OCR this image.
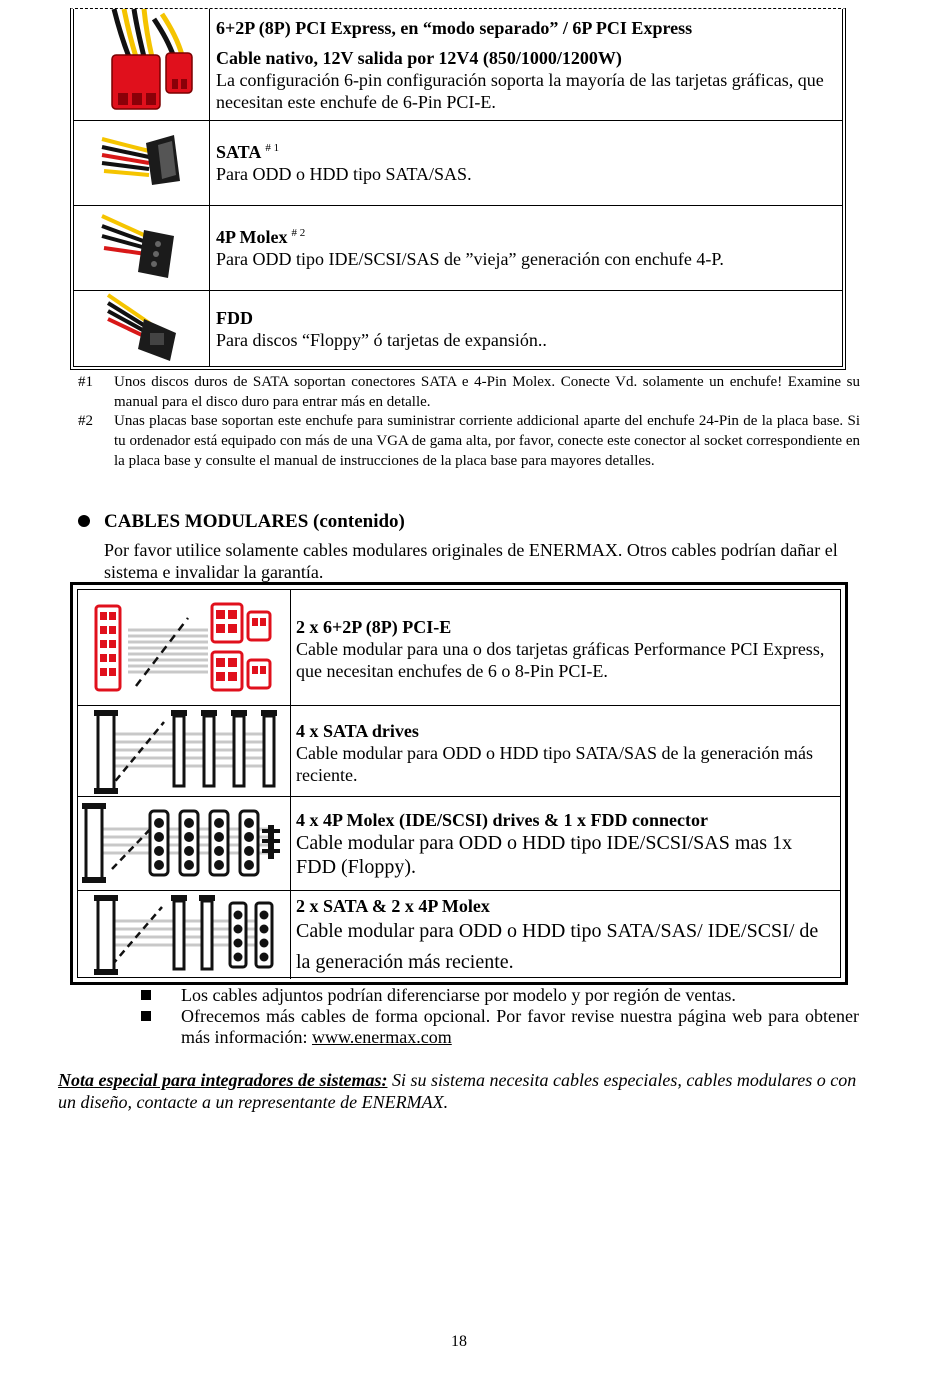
6+2P (8P) PCI Express, en “modo separado” / 6P PCI Express
Cable nativo, 12V salida por 12V4 (850/1000/1200W)
La configuración 6-pin configuración soporta la mayoría de las tarjetas gráficas, que necesitan este enchufe de 6-Pin PCI-E.
SATA $^{\# 1}$
Para ODD o HDD tipo SATA/SAS.
4P Molex $^{\# 2}$
Para ODD tipo IDE/SCSI/SAS de ”vieja” generación con enchufe 4-P.
FDD
Para discos “Floppy” ó tarjetas de expansión..
#1 Unos discos duros de SATA soportan conectores SATA e 4-Pin Molex. Conecte Vd. solamente un enchufe! Examine su manual para el disco duro para entrar más en detalle.
#2 Unas placas base soportan este enchufe para suministrar corriente addicional aparte del enchufe 24-Pin de la placa base. Si tu ordenador está equipado con más de una VGA de gama alta, por favor, conecte este conector al socket correspondiente en la placa base y consulte el manual de instrucciones de la placa base para mayores detalles.
CABLES MODULARES (contenido)
Por favor utilice solamente cables modulares originales de ENERMAX. Otros cables podrían dañar el sistema e invalidar la garantía.
2 x 6+2P (8P) PCI-E
Cable modular para una o dos tarjetas gráficas Performance PCI Express, que necesitan enchufes de 6 o 8-Pin PCI-E.
4 x SATA drives
Cable modular para ODD o HDD tipo SATA/SAS de la generación más reciente.
4 x 4P Molex (IDE/SCSI) drives & 1 x FDD connector
Cable modular para ODD o HDD tipo IDE/SCSI/SAS mas 1x FDD (Floppy).
2 x SATA & 2 x 4P Molex
Cable modular para ODD o HDD tipo SATA/SAS/ IDE/SCSI/ de
la generación más reciente.
Los cables adjuntos podrían diferenciarse por modelo y por región de ventas.
Ofrecemos más cables de forma opcional. Por favor revise nuestra página web para obtener más información: www.enermax.com
Nota especial para integradores de sistemas: Si su sistema necesita cables especiales, cables modulares o con un diseño, contacte a un representante de ENERMAX.
18
